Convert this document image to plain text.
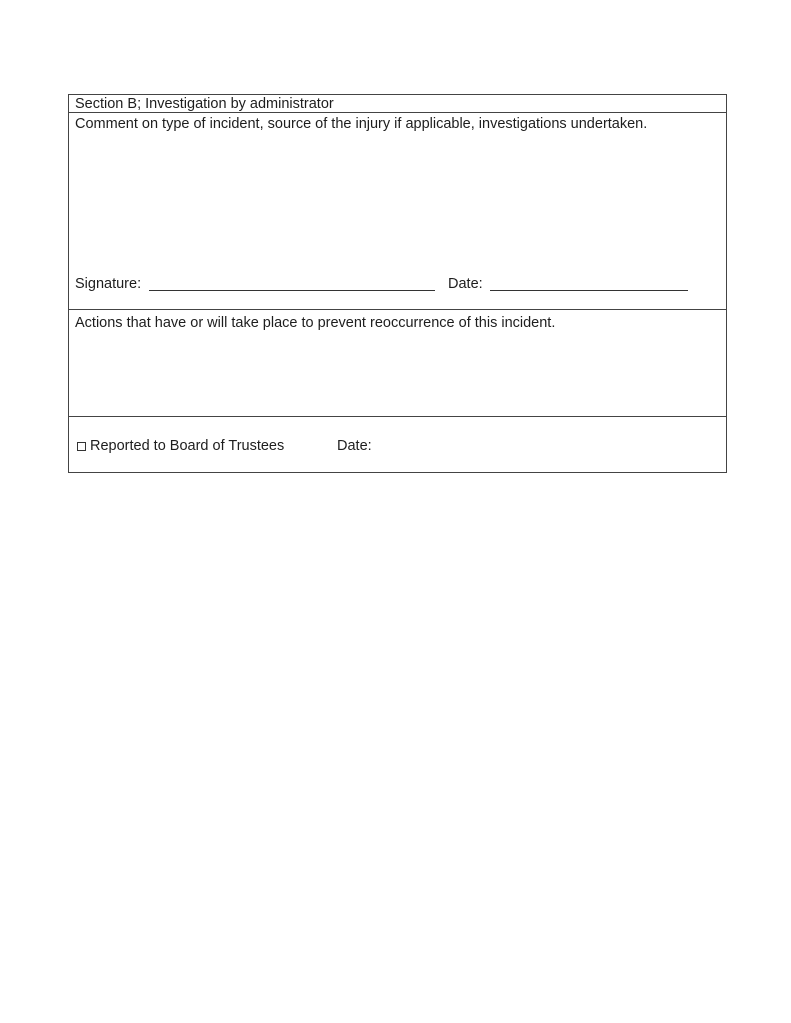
Section B; Investigation by administrator
Comment on type of incident, source of the injury if applicable, investigations undertaken.
Signature:	Date:
Actions that have or will take place to prevent reoccurrence of this incident.
Reported to Board of Trustees	Date:
